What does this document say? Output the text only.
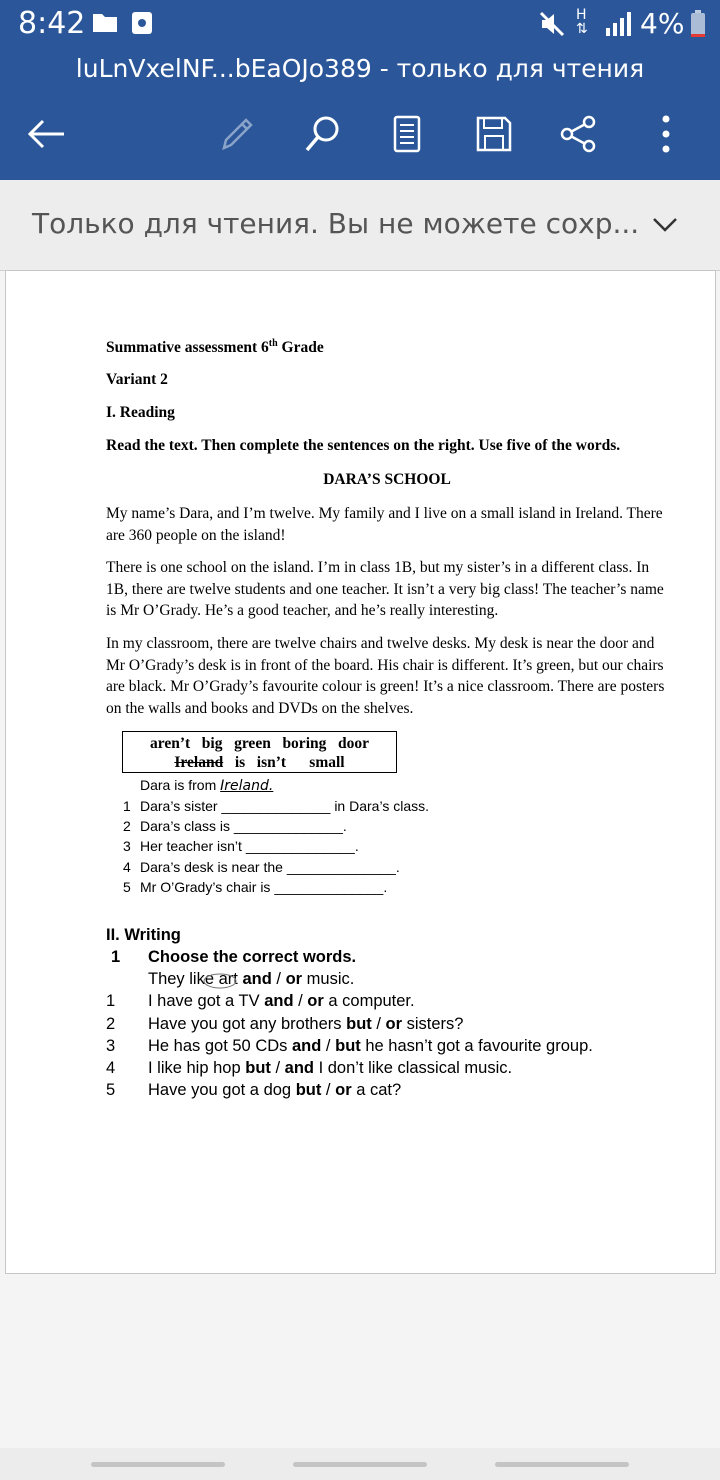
8:42	H
⇅ 4%
luLnVxelNF...bEaOJo389 - только для чтения
Только для чтения. Вы не можете сохр...
Summative assessment 6th Grade
Variant 2
I. Reading
Read the text. Then complete the sentences on the right. Use five of the words.
DARA’S SCHOOL
My name’s Dara, and I’m twelve. My family and I live on a small island in Ireland. There are 360 people on the island!
There is one school on the island. I’m in class 1B, but my sister’s in a different class. In 1B, there are twelve students and one teacher. It isn’t a very big class! The teacher’s name is Mr O’Grady. He’s a good teacher, and he’s really interesting.
In my classroom, there are twelve chairs and twelve desks. My desk is near the door and Mr O’Grady’s desk is in front of the board. His chair is different. It’s green, but our chairs are black. Mr O’Grady’s favourite colour is green! It’s a nice classroom. There are posters on the walls and books and DVDs on the shelves.
aren’t   big   green   boring   door
Ireland   is   isn’t      small
Dara is from Ireland.
1 Dara’s sister ______________ in Dara’s class.
2 Dara’s class is ______________.
3 Her teacher isn’t ______________.
4 Dara’s desk is near the ______________.
5 Mr O’Grady’s chair is ______________.
II. Writing
1 Choose the correct words.
They like art and / or music.
1 I have got a TV and / or a computer.
2 Have you got any brothers but / or sisters?
3 He has got 50 CDs and / but he hasn’t got a favourite group.
4 I like hip hop but / and I don’t like classical music.
5 Have you got a dog but / or a cat?
